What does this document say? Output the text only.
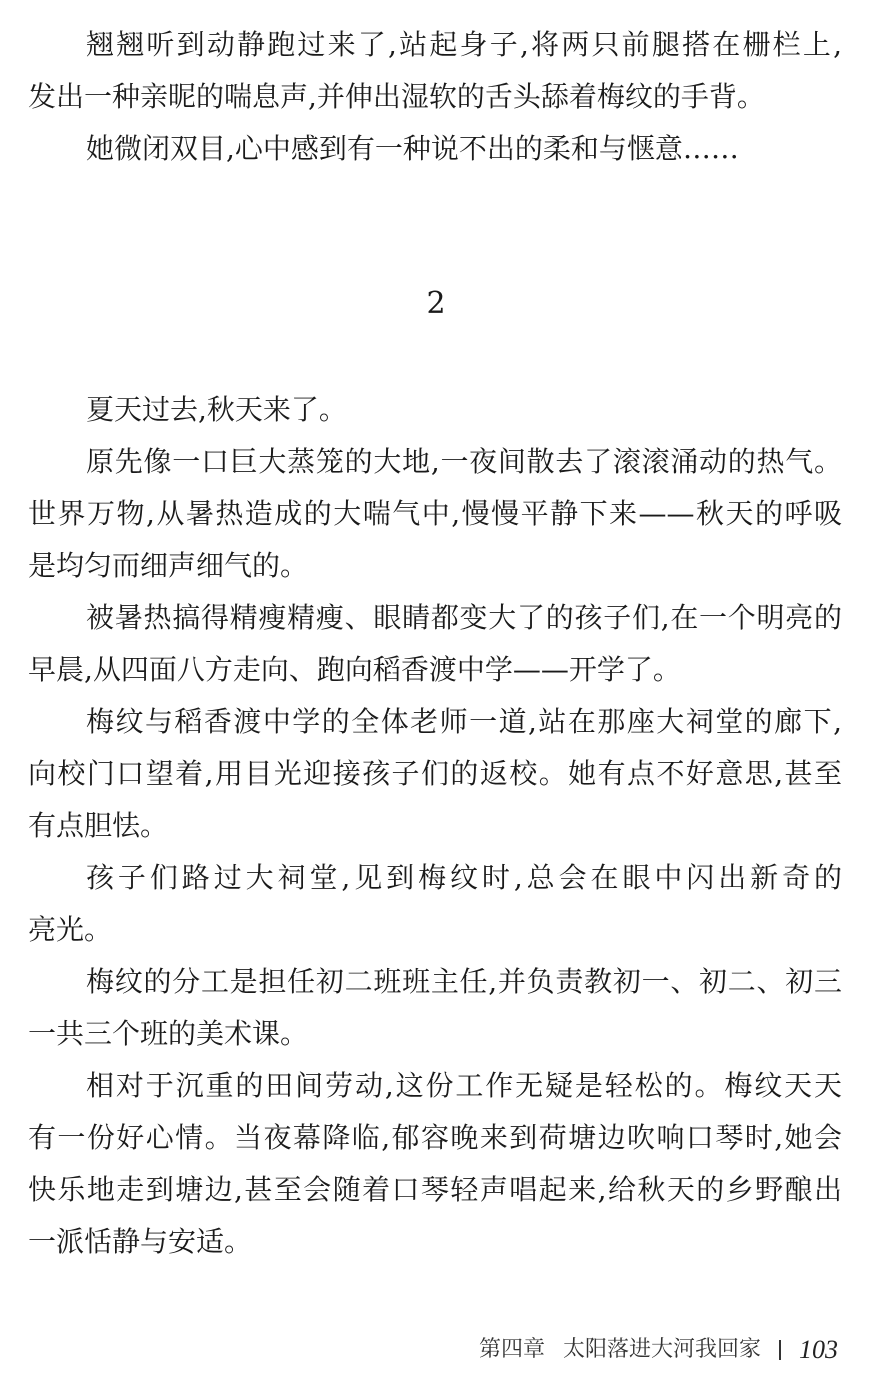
翘翘听到动静跑过来了,站起身子,将两只前腿搭在栅栏上,
发出一种亲昵的喘息声,并伸出湿软的舌头舔着梅纹的手背。
她微闭双目,心中感到有一种说不出的柔和与惬意……
夏天过去,秋天来了。
原先像一口巨大蒸笼的大地,一夜间散去了滚滚涌动的热气。
世界万物,从暑热造成的大喘气中,慢慢平静下来——秋天的呼吸
是均匀而细声细气的。
被暑热搞得精瘦精瘦、眼睛都变大了的孩子们,在一个明亮的
早晨,从四面八方走向、跑向稻香渡中学——开学了。
梅纹与稻香渡中学的全体老师一道,站在那座大祠堂的廊下,
向校门口望着,用目光迎接孩子们的返校。她有点不好意思,甚至
有点胆怯。
孩子们路过大祠堂,见到梅纹时,总会在眼中闪出新奇的
亮光。
梅纹的分工是担任初二班班主任,并负责教初一、初二、初三
一共三个班的美术课。
相对于沉重的田间劳动,这份工作无疑是轻松的。梅纹天天
有一份好心情。当夜幕降临,郁容晚来到荷塘边吹响口琴时,她会
快乐地走到塘边,甚至会随着口琴轻声唱起来,给秋天的乡野酿出
一派恬静与安适。
2
第四章 太阳落进大河我回家 103
